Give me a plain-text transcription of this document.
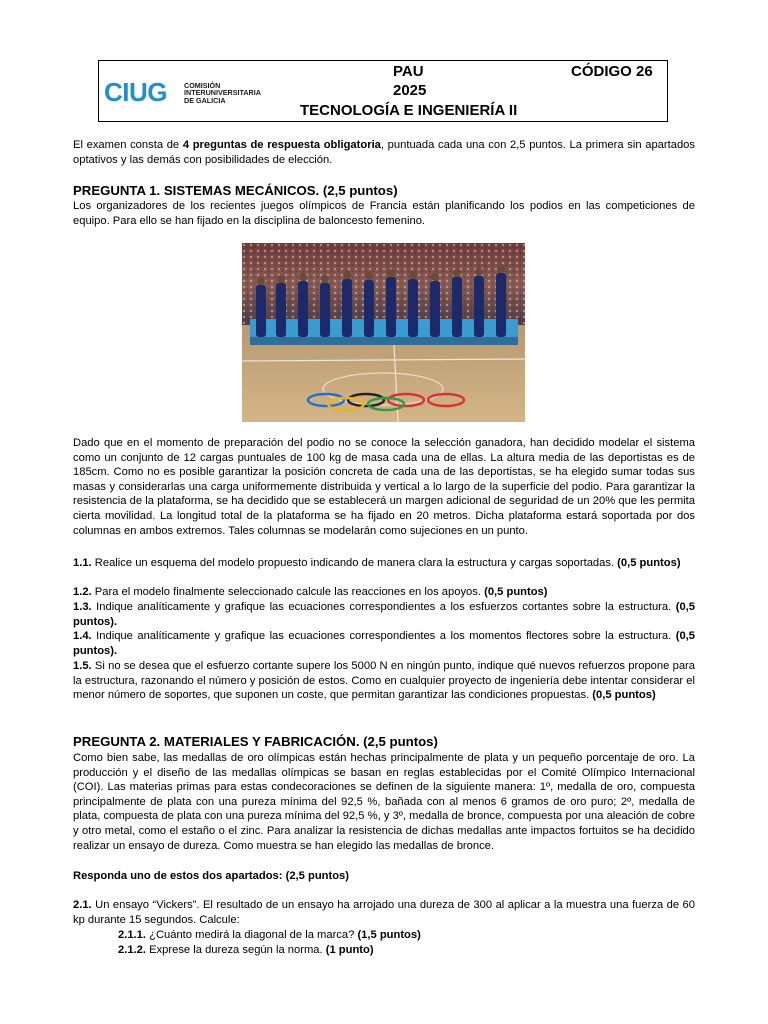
CIUG COMISIÓN
INTERUNIVERSITARIA
DE GALICIA
PAU
2025
CÓDIGO 26
TECNOLOGÍA E INGENIERÍA II

El examen consta de 4 preguntas de respuesta obligatoria, puntuada cada una con 2,5 puntos. La primera sin apartados optativos y las demás con posibilidades de elección.

PREGUNTA 1. SISTEMAS MECÁNICOS. (2,5 puntos)

Los organizadores de los recientes juegos olímpicos de Francia están planificando los podios en las competiciones de equipo. Para ello se han fijado en la disciplina de baloncesto femenino.

Dado que en el momento de preparación del podio no se conoce la selección ganadora, han decidido modelar el sistema como un conjunto de 12 cargas puntuales de 100 kg de masa cada una de ellas. La altura media de las deportistas es de 185cm. Como no es posible garantizar la posición concreta de cada una de las deportistas, se ha elegido sumar todas sus masas y considerarlas una carga uniformemente distribuida y vertical a lo largo de la superficie del podio. Para garantizar la resistencia de la plataforma, se ha decidido que se establecerá un margen adicional de seguridad de un 20% que les permita cierta movilidad. La longitud total de la plataforma se ha fijado en 20 metros. Dicha plataforma estará soportada por dos columnas en ambos extremos. Tales columnas se modelarán como sujeciones en un punto.

1.1. Realice un esquema del modelo propuesto indicando de manera clara la estructura y cargas soportadas. (0,5 puntos)

1.2. Para el modelo finalmente seleccionado calcule las reacciones en los apoyos. (0,5 puntos)

1.3. Indique analíticamente y grafique las ecuaciones correspondientes a los esfuerzos cortantes sobre la estructura. (0,5 puntos).

1.4. Indique analíticamente y grafique las ecuaciones correspondientes a los momentos flectores sobre la estructura. (0,5 puntos).

1.5. Si no se desea que el esfuerzo cortante supere los 5000 N en ningún punto, indique qué nuevos refuerzos propone para la estructura, razonando el número y posición de estos. Como en cualquier proyecto de ingeniería debe intentar considerar el menor número de soportes, que suponen un coste, que permitan garantizar las condiciones propuestas. (0,5 puntos)

PREGUNTA 2. MATERIALES Y FABRICACIÓN. (2,5 puntos)

Como bien sabe, las medallas de oro olímpicas están hechas principalmente de plata y un pequeño porcentaje de oro. La producción y el diseño de las medallas olímpicas se basan en reglas establecidas por el Comité Olímpico Internacional (COI). Las materias primas para estas condecoraciones se definen de la siguiente manera: 1º, medalla de oro, compuesta principalmente de plata con una pureza mínima del 92,5 %, bañada con al menos 6 gramos de oro puro; 2º, medalla de plata, compuesta de plata con una pureza mínima del 92,5 %, y 3º, medalla de bronce, compuesta por una aleación de cobre y otro metal, como el estaño o el zinc. Para analizar la resistencia de dichas medallas ante impactos fortuitos se ha decidido realizar un ensayo de dureza. Como muestra se han elegido las medallas de bronce.

Responda uno de estos dos apartados: (2,5 puntos)

2.1. Un ensayo “Vickers”. El resultado de un ensayo ha arrojado una dureza de 300 al aplicar a la muestra una fuerza de 60 kp durante 15 segundos. Calcule:

2.1.1. ¿Cuánto medirá la diagonal de la marca? (1,5 puntos)

2.1.2. Exprese la dureza según la norma. (1 punto)
